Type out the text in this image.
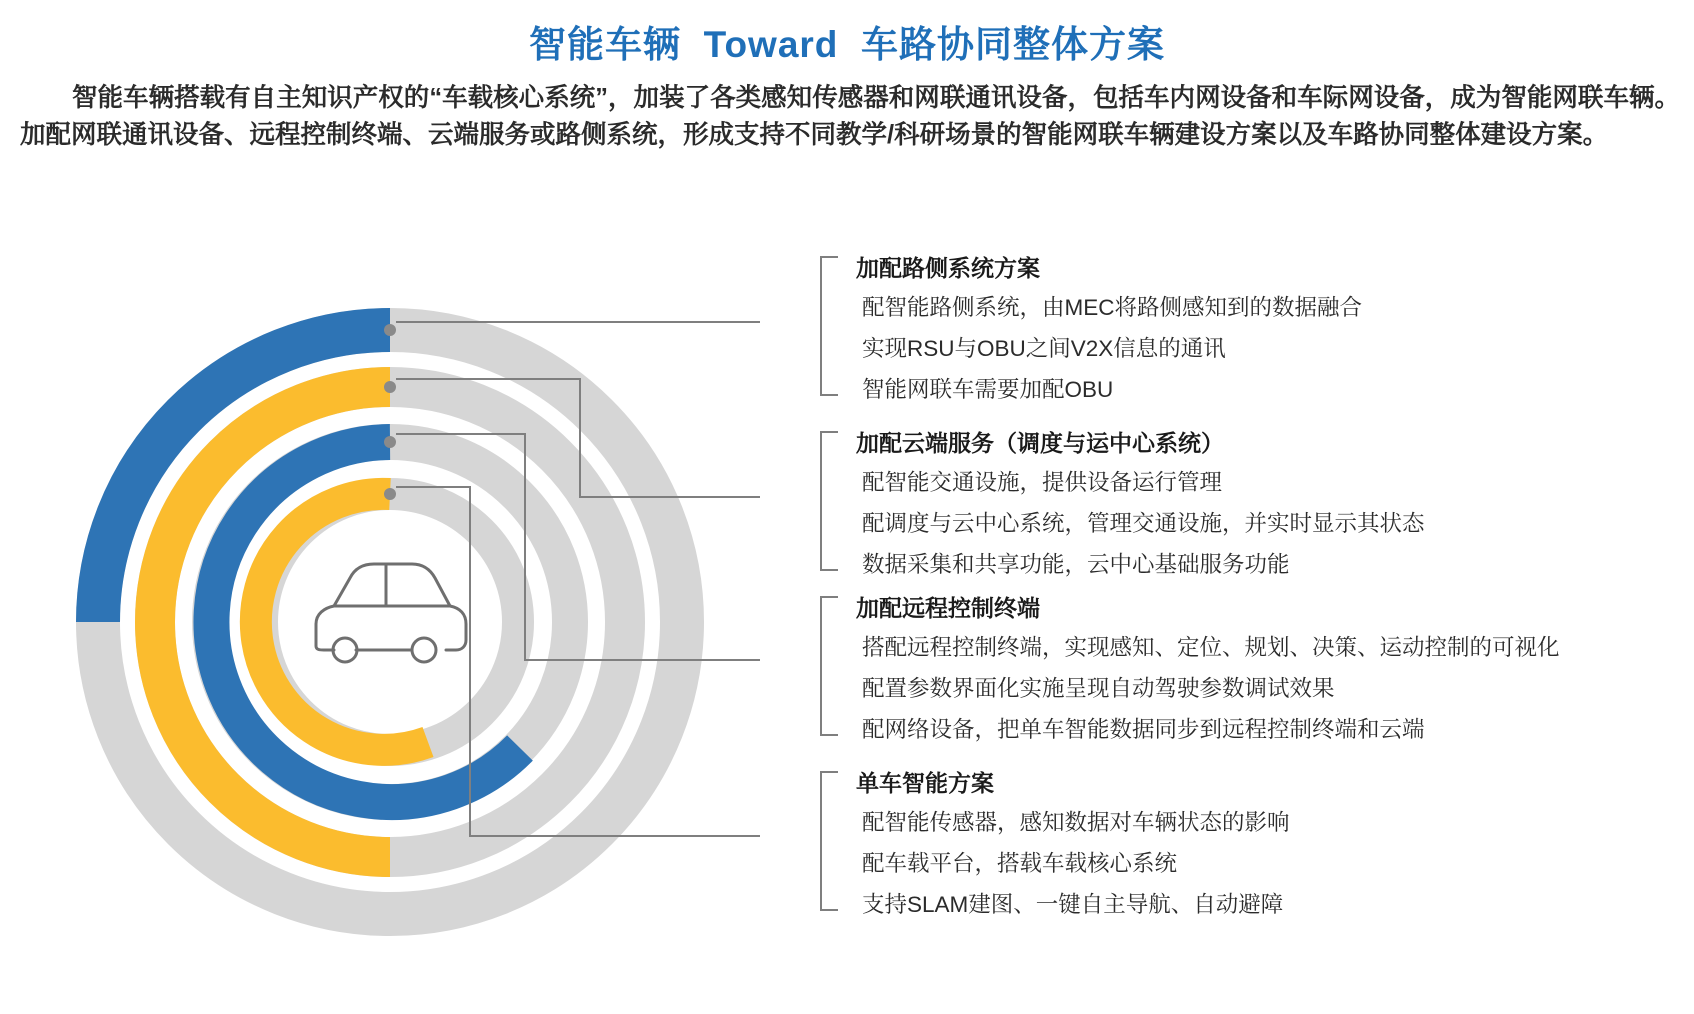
智能车辆  Toward  车路协同整体方案
智能车辆搭载有自主知识产权的“车载核心系统”，加装了各类感知传感器和网联通讯设备，包括车内网设备和车际网设备，成为智能网联车辆。加配网联通讯设备、远程控制终端、云端服务或路侧系统，形成支持不同教学/科研场景的智能网联车辆建设方案以及车路协同整体建设方案。
加配路侧系统方案

配智能路侧系统，由MEC将路侧感知到的数据融合

实现RSU与OBU之间V2X信息的通讯

智能网联车需要加配OBU

加配云端服务（调度与运中心系统）

配智能交通设施，提供设备运行管理

配调度与云中心系统，管理交通设施，并实时显示其状态

数据采集和共享功能，云中心基础服务功能

加配远程控制终端

搭配远程控制终端，实现感知、定位、规划、决策、运动控制的可视化

配置参数界面化实施呈现自动驾驶参数调试效果

配网络设备，把单车智能数据同步到远程控制终端和云端

单车智能方案

配智能传感器，感知数据对车辆状态的影响

配车载平台，搭载车载核心系统

支持SLAM建图、一键自主导航、自动避障
